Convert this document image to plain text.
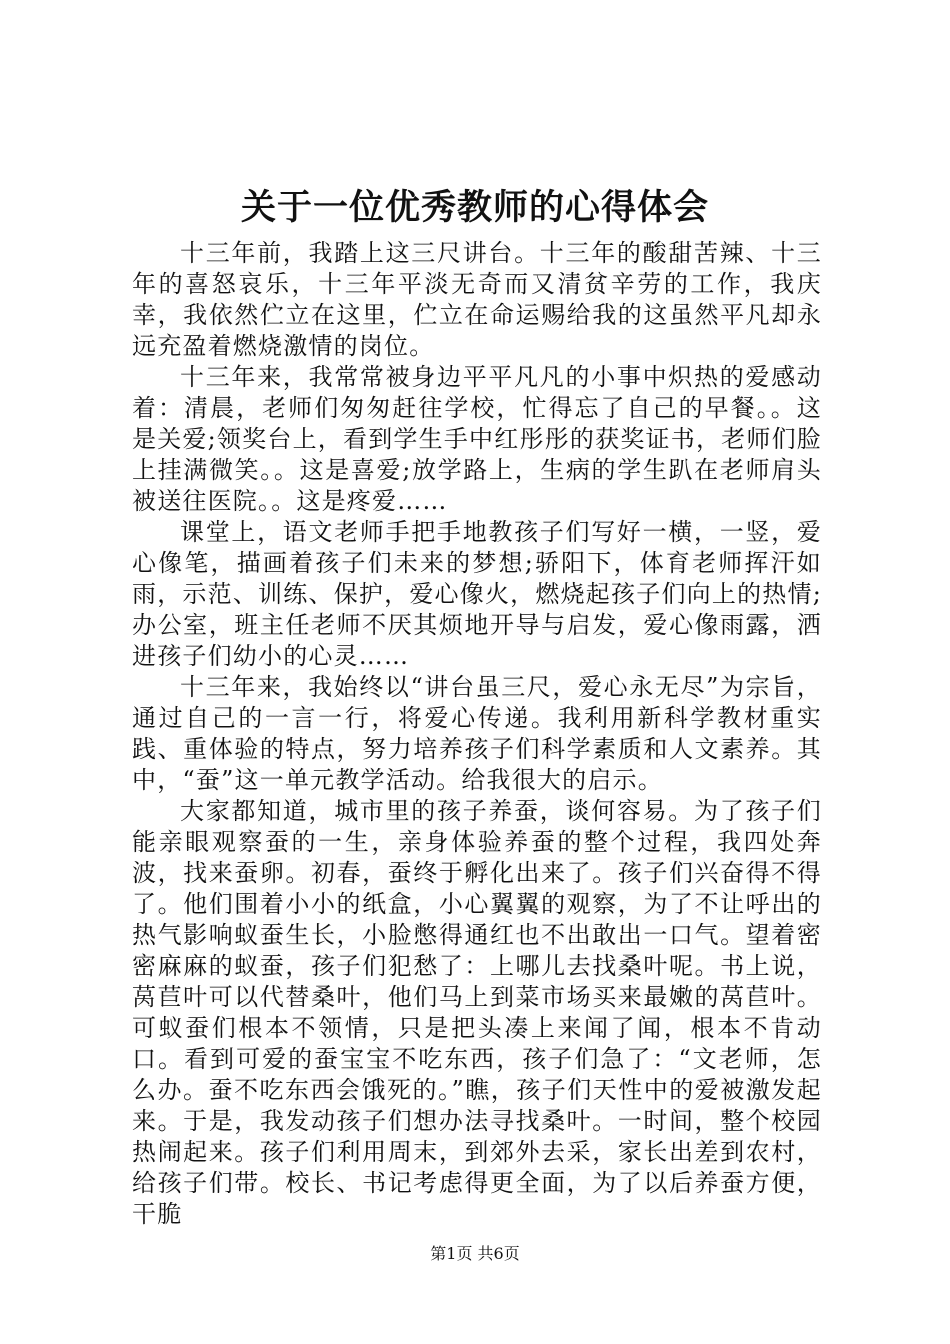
关于一位优秀教师的心得体会

十三年前，我踏上这三尺讲台。十三年的酸甜苦辣、十三年的喜怒哀乐，十三年平淡无奇而又清贫辛劳的工作，我庆幸，我依然伫立在这里，伫立在命运赐给我的这虽然平凡却永远充盈着燃烧激情的岗位。

十三年来，我常常被身边平平凡凡的小事中炽热的爱感动着：清晨，老师们匆匆赶往学校，忙得忘了自己的早餐。。这是关爱;领奖台上，看到学生手中红彤彤的获奖证书，老师们脸上挂满微笑。。这是喜爱;放学路上，生病的学生趴在老师肩头被送往医院。。这是疼爱……

课堂上，语文老师手把手地教孩子们写好一横，一竖，爱心像笔，描画着孩子们未来的梦想;骄阳下，体育老师挥汗如雨，示范、训练、保护，爱心像火，燃烧起孩子们向上的热情;办公室，班主任老师不厌其烦地开导与启发，爱心像雨露，洒进孩子们幼小的心灵……

十三年来，我始终以“讲台虽三尺，爱心永无尽”为宗旨，通过自己的一言一行，将爱心传递。我利用新科学教材重实践、重体验的特点，努力培养孩子们科学素质和人文素养。其中，“蚕”这一单元教学活动。给我很大的启示。

大家都知道，城市里的孩子养蚕，谈何容易。为了孩子们能亲眼观察蚕的一生，亲身体验养蚕的整个过程，我四处奔波，找来蚕卵。初春，蚕终于孵化出来了。孩子们兴奋得不得了。他们围着小小的纸盒，小心翼翼的观察，为了不让呼出的热气影响蚁蚕生长，小脸憋得通红也不出敢出一口气。望着密密麻麻的蚁蚕，孩子们犯愁了：上哪儿去找桑叶呢。书上说，莴苣叶可以代替桑叶，他们马上到菜市场买来最嫩的莴苣叶。可蚁蚕们根本不领情，只是把头凑上来闻了闻，根本不肯动口。看到可爱的蚕宝宝不吃东西，孩子们急了：“文老师，怎么办。蚕不吃东西会饿死的。”瞧，孩子们天性中的爱被激发起来。于是，我发动孩子们想办法寻找桑叶。一时间，整个校园热闹起来。孩子们利用周末，到郊外去采，家长出差到农村，给孩子们带。校长、书记考虑得更全面，为了以后养蚕方便，干脆

第1页 共6页
